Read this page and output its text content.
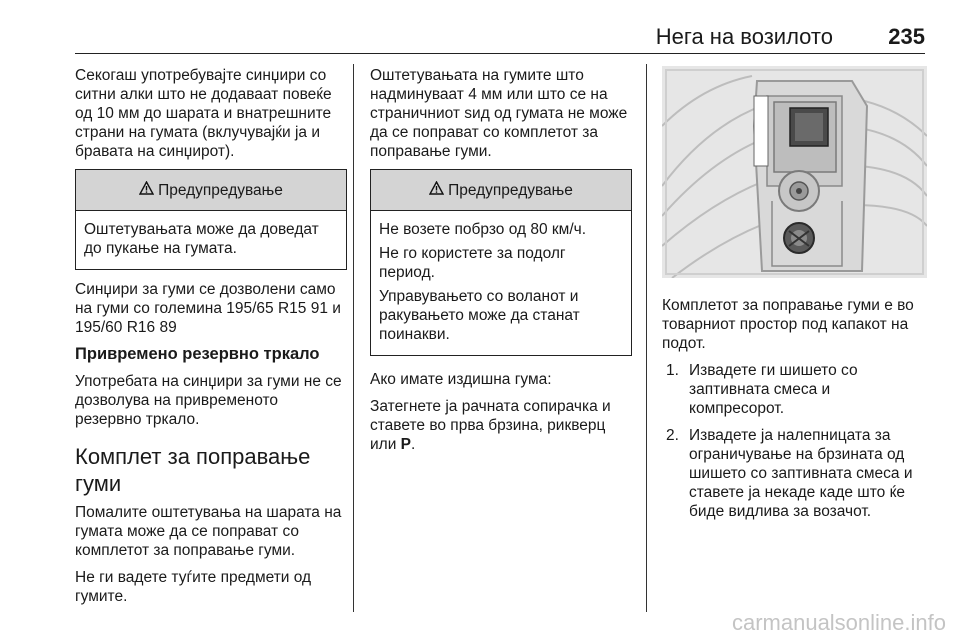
Нега на возилото	235

Секогаш употребувајте синџири со ситни алки што не додаваат повеќе од 10 мм до шарата и внатрешните страни на гумата (вклучувајќи ја и бравата на синџирот).

Предупредување

Оштетувањата може да доведат до пукање на гумата.

Синџири за гуми се дозволени само на гуми со големина 195/65 R15 91 и 195/60 R16 89

Привремено резервно тркало

Употребата на синџири за гуми не се дозволува на привременото резервно тркало.

Комплет за поправање гуми

Помалите оштетувања на шарата на гумата може да се поправат со комплетот за поправање гуми.

Не ги вадете туѓите предмети од гумите.

Оштетувањата на гумите што надминуваат 4 мм или што се на страничниот sид од гумата не може да се поправат со комплетот за поправање гуми.

Предупредување

Не возете побрзо од 80 км/ч.

Не го користете за подолг период.

Управувањето со воланот и ракувањето може да станат поинакви.

Ако имате издишна гума:

Затегнете ја рачната сопирачка и ставете во прва брзина, рикверц или P.

Комплетот за поправање гуми е во товарниот простор под капакот на подот.

1. Извадете ги шишето со заптивната смеса и компресорот.
2. Извадете ја налепницата за ограничување на брзината од шишето со заптивната смеса и ставете ја некаде каде што ќе биде видлива за возачот.
carmanualsonline.info
